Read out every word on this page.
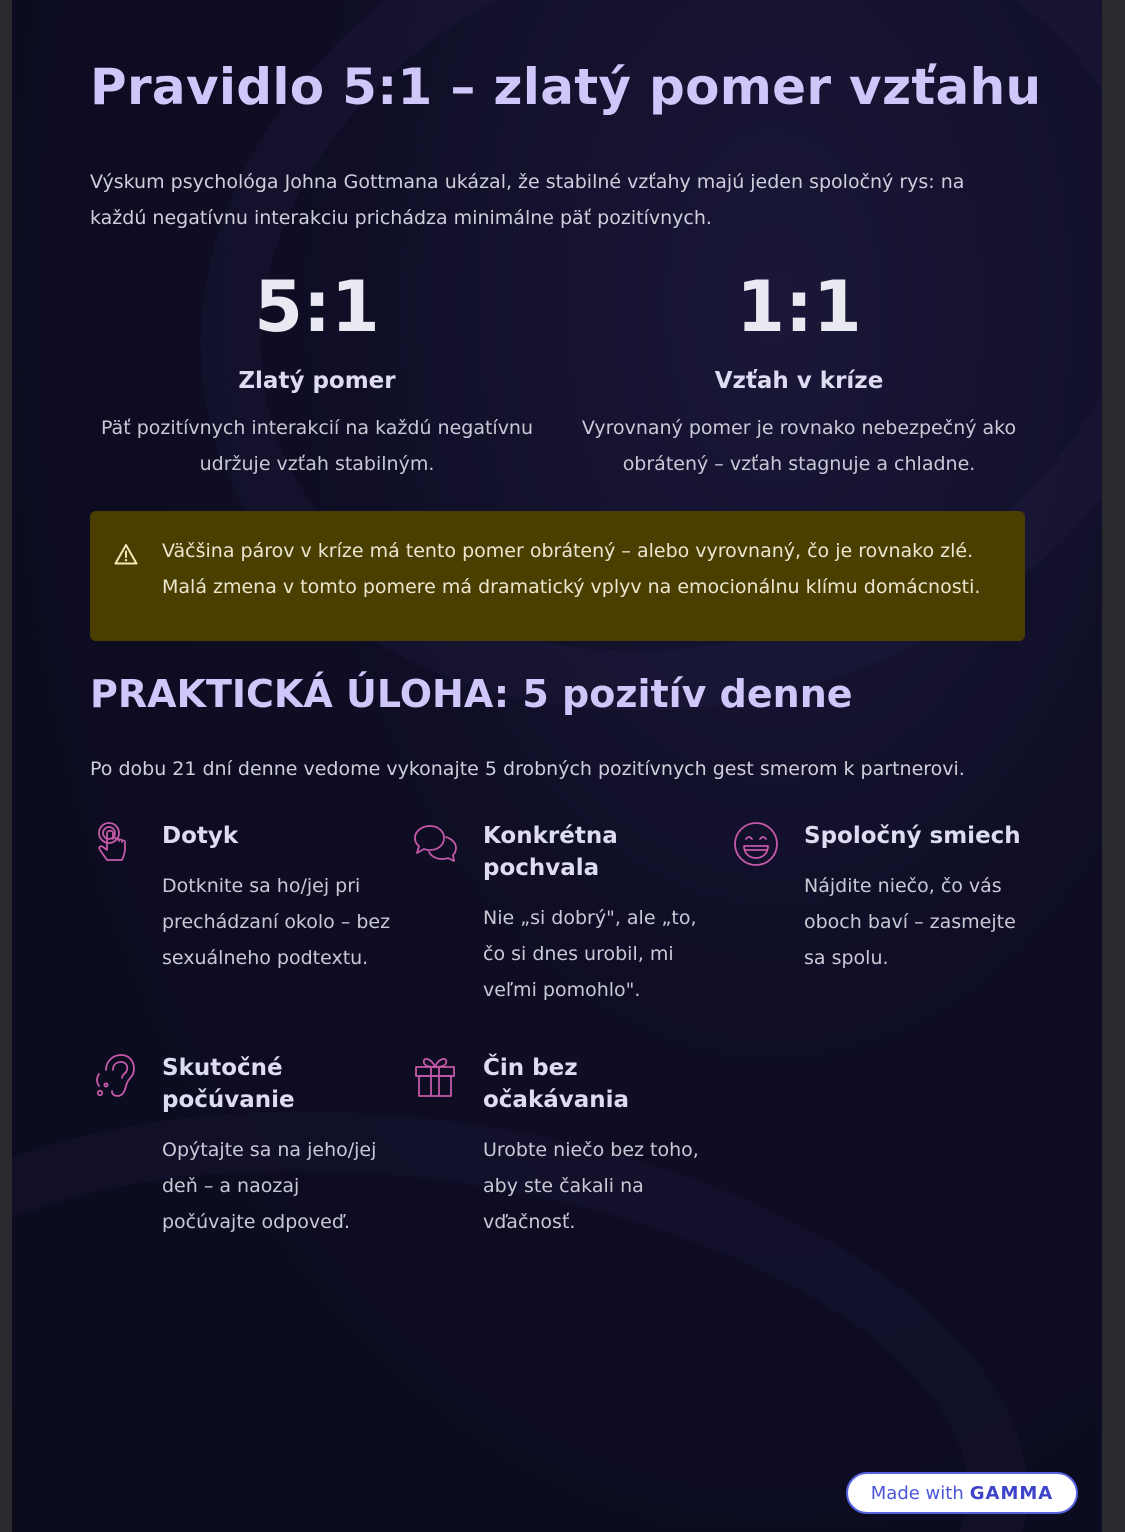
Pravidlo 5:1 – zlatý pomer vzťahu

Výskum psychológa Johna Gottmana ukázal, že stabilné vzťahy majú jeden spoločný rys: na každú negatívnu interakciu prichádza minimálne päť pozitívnych.

5:1
Zlatý pomer
Päť pozitívnych interakcií na každú negatívnu udržuje vzťah stabilným.
1:1
Vzťah v kríze
Vyrovnaný pomer je rovnako nebezpečný ako obrátený – vzťah stagnuje a chladne.
Väčšina párov v kríze má tento pomer obrátený – alebo vyrovnaný, čo je rovnako zlé. Malá zmena v tomto pomere má dramatický vplyv na emocionálnu klímu domácnosti.
PRAKTICKÁ ÚLOHA: 5 pozitív denne

Po dobu 21 dní denne vedome vykonajte 5 drobných pozitívnych gest smerom k partnerovi.

Dotyk
Dotknite sa ho/jej pri prechádzaní okolo – bez sexuálneho podtextu.
Konkrétna pochvala
Nie „si dobrý", ale „to, čo si dnes urobil, mi veľmi pomohlo".
Spoločný smiech
Nájdite niečo, čo vás oboch baví – zasmejte sa spolu.
Skutočné počúvanie
Opýtajte sa na jeho/jej deň – a naozaj počúvajte odpoveď.
Čin bez očakávania
Urobte niečo bez toho, aby ste čakali na vďačnosť.
Made with GAMMA
